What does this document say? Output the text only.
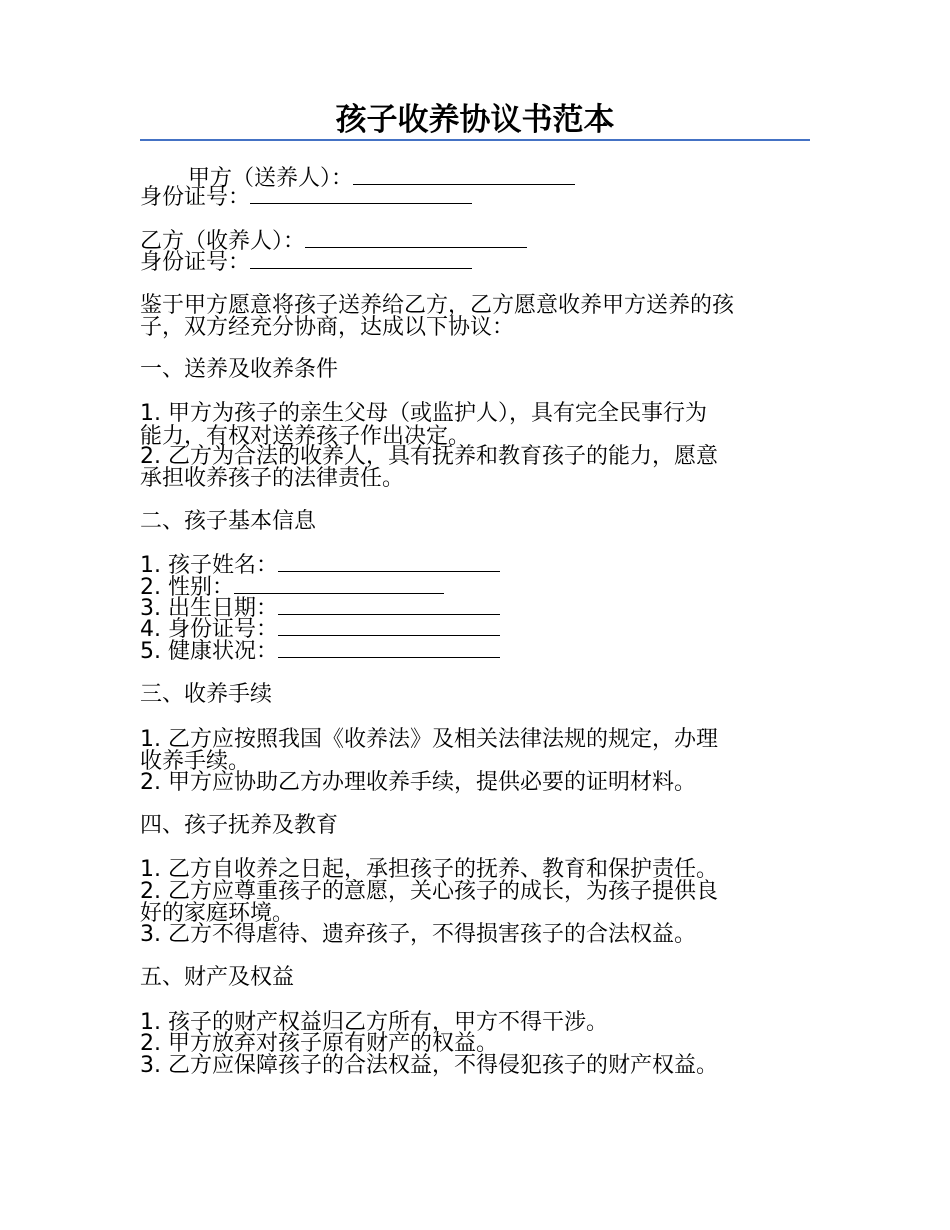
孩子收养协议书范本
甲方（送养人）：
身份证号：
乙方（收养人）：
身份证号：
鉴于甲方愿意将孩子送养给乙方，乙方愿意收养甲方送养的孩
子，双方经充分协商，达成以下协议：
一、送养及收养条件
1. 甲方为孩子的亲生父母（或监护人），具有完全民事行为
能力，有权对送养孩子作出决定。
2. 乙方为合法的收养人，具有抚养和教育孩子的能力，愿意
承担收养孩子的法律责任。
二、孩子基本信息
1. 孩子姓名：
2. 性别：
3. 出生日期：
4. 身份证号：
5. 健康状况：
三、收养手续
1. 乙方应按照我国《收养法》及相关法律法规的规定，办理
收养手续。
2. 甲方应协助乙方办理收养手续，提供必要的证明材料。
四、孩子抚养及教育
1. 乙方自收养之日起，承担孩子的抚养、教育和保护责任。
2. 乙方应尊重孩子的意愿，关心孩子的成长，为孩子提供良
好的家庭环境。
3. 乙方不得虐待、遗弃孩子，不得损害孩子的合法权益。
五、财产及权益
1. 孩子的财产权益归乙方所有，甲方不得干涉。
2. 甲方放弃对孩子原有财产的权益。
3. 乙方应保障孩子的合法权益，不得侵犯孩子的财产权益。
